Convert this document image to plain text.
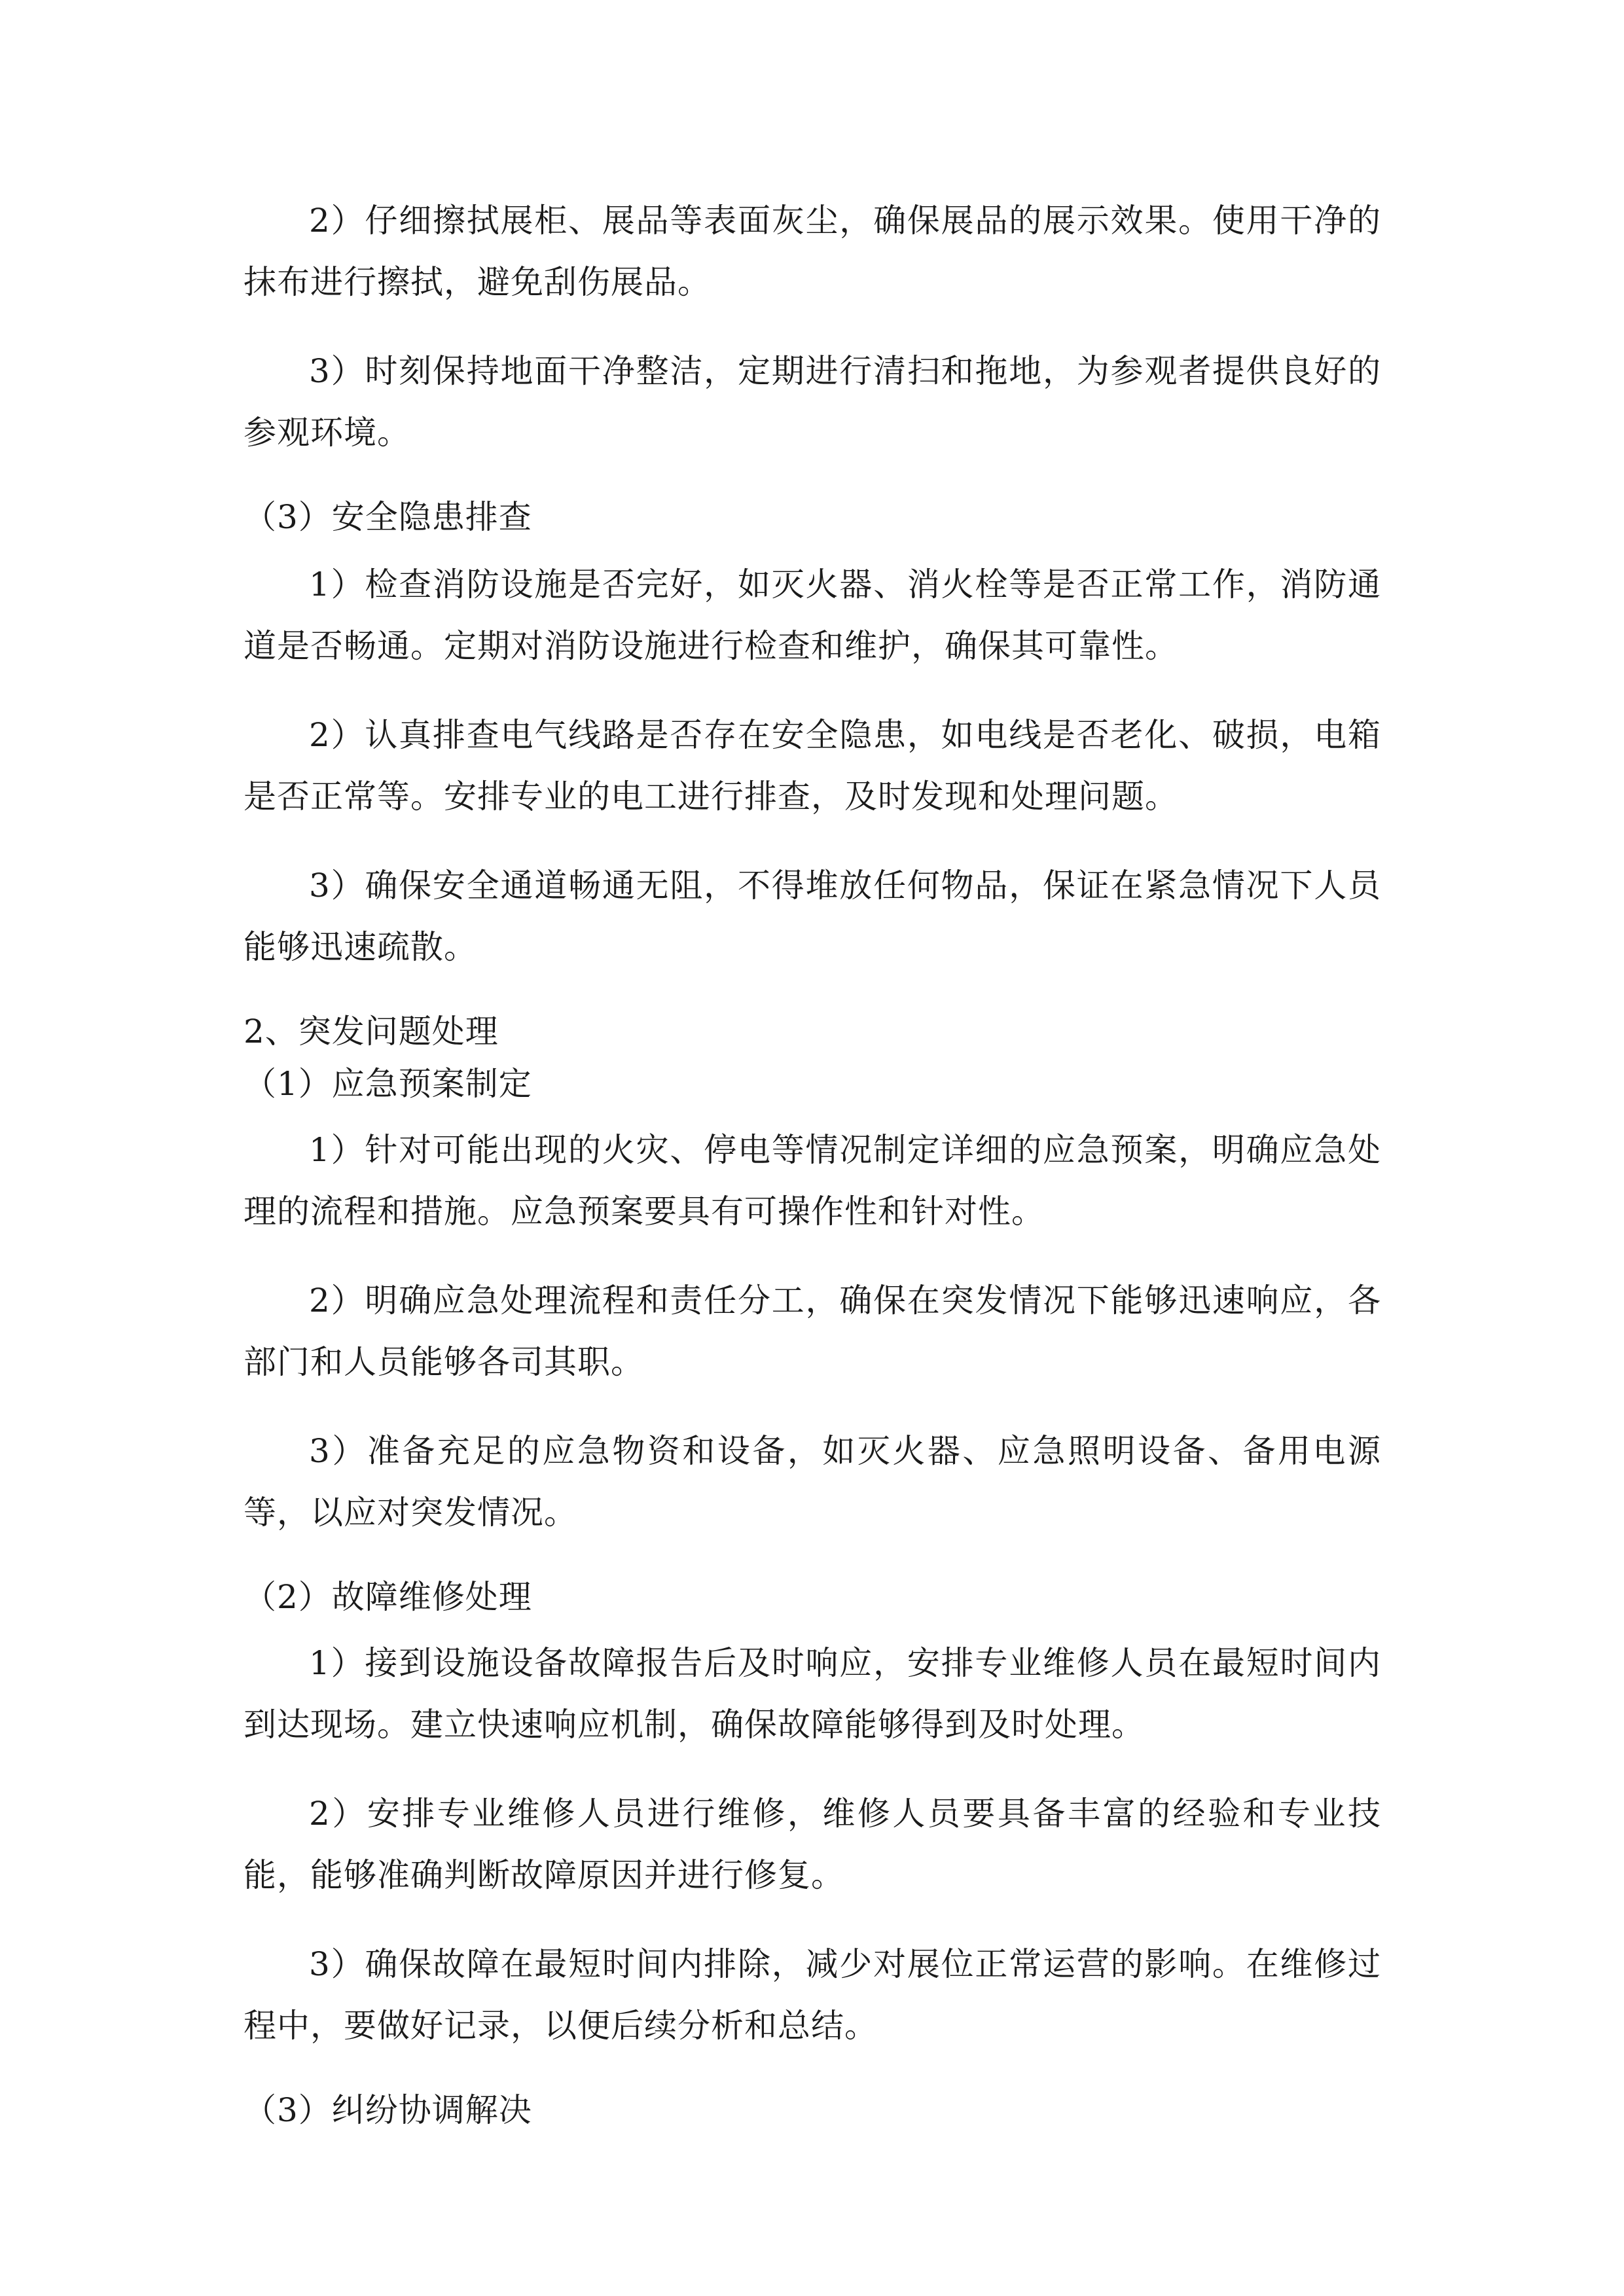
2）仔细擦拭展柜、展品等表面灰尘，确保展品的展示效果。使用干净的抹布进行擦拭，避免刮伤展品。

3）时刻保持地面干净整洁，定期进行清扫和拖地，为参观者提供良好的参观环境。

（3）安全隐患排查

1）检查消防设施是否完好，如灭火器、消火栓等是否正常工作，消防通道是否畅通。定期对消防设施进行检查和维护，确保其可靠性。

2）认真排查电气线路是否存在安全隐患，如电线是否老化、破损，电箱是否正常等。安排专业的电工进行排查，及时发现和处理问题。

3）确保安全通道畅通无阻，不得堆放任何物品，保证在紧急情况下人员能够迅速疏散。

2、突发问题处理

（1）应急预案制定

1）针对可能出现的火灾、停电等情况制定详细的应急预案，明确应急处理的流程和措施。应急预案要具有可操作性和针对性。

2）明确应急处理流程和责任分工，确保在突发情况下能够迅速响应，各部门和人员能够各司其职。

3）准备充足的应急物资和设备，如灭火器、应急照明设备、备用电源等，以应对突发情况。

（2）故障维修处理

1）接到设施设备故障报告后及时响应，安排专业维修人员在最短时间内到达现场。建立快速响应机制，确保故障能够得到及时处理。

2）安排专业维修人员进行维修，维修人员要具备丰富的经验和专业技能，能够准确判断故障原因并进行修复。

3）确保故障在最短时间内排除，减少对展位正常运营的影响。在维修过程中，要做好记录，以便后续分析和总结。

（3）纠纷协调解决
